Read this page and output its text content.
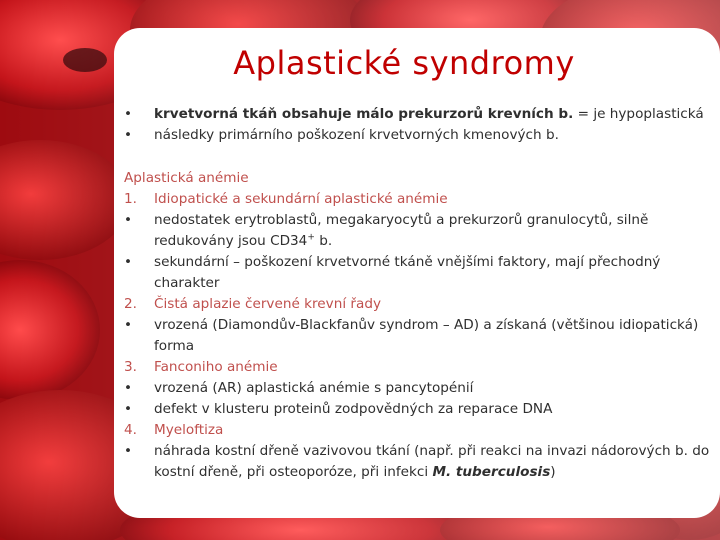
Aplastické syndromy
•	krvetvorná tkáň obsahuje málo prekurzorů krevních b. = je hypoplastická
•	následky primárního poškození krvetvorných kmenových b.
Aplastická anémie
1.	Idiopatické a sekundární aplastické anémie
•	nedostatek erytroblastů, megakaryocytů a prekurzorů granulocytů, silně redukovány jsou CD34+ b.
•	sekundární – poškození krvetvorné tkáně vnějšími faktory, mají přechodný charakter
2.	Čistá aplazie červené krevní řady
•	vrozená (Diamondův-Blackfanův syndrom – AD) a získaná (většinou idiopatická) forma
3.	Fanconiho anémie
•	vrozená (AR) aplastická anémie s pancytopénií
•	defekt v klusteru proteinů zodpovědných za reparace DNA
4.	Myeloftiza
•	náhrada kostní dřeně vazivovou tkání (např. při reakci na invazi nádorových b. do kostní dřeně, při osteoporóze, při infekci M. tuberculosis)
